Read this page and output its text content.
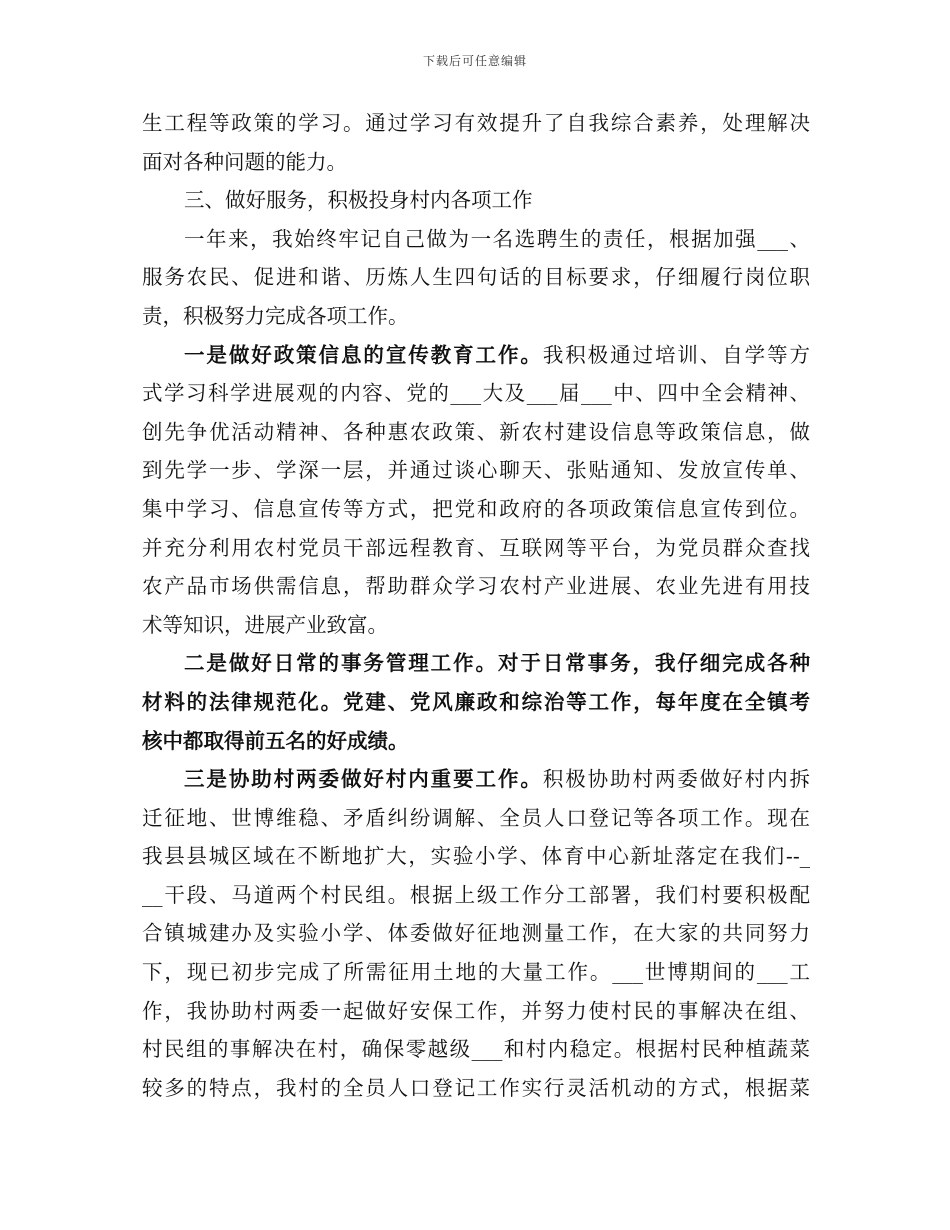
下载后可任意编辑
生工程等政策的学习。通过学习有效提升了自我综合素养，处理解决
面对各种问题的能力。
三、做好服务，积极投身村内各项工作
一年来，我始终牢记自己做为一名选聘生的责任，根据加强___、
服务农民、促进和谐、历炼人生四句话的目标要求，仔细履行岗位职
责，积极努力完成各项工作。
一是做好政策信息的宣传教育工作。我积极通过培训、自学等方
式学习科学进展观的内容、党的___大及___届___中、四中全会精神、
创先争优活动精神、各种惠农政策、新农村建设信息等政策信息，做
到先学一步、学深一层，并通过谈心聊天、张贴通知、发放宣传单、
集中学习、信息宣传等方式，把党和政府的各项政策信息宣传到位。
并充分利用农村党员干部远程教育、互联网等平台，为党员群众查找
农产品市场供需信息，帮助群众学习农村产业进展、农业先进有用技
术等知识，进展产业致富。
二是做好日常的事务管理工作。对于日常事务，我仔细完成各种
材料的法律规范化。党建、党风廉政和综治等工作，每年度在全镇考
核中都取得前五名的好成绩。
三是协助村两委做好村内重要工作。积极协助村两委做好村内拆
迁征地、世博维稳、矛盾纠纷调解、全员人口登记等各项工作。现在
我县县城区域在不断地扩大，实验小学、体育中心新址落定在我们--_
__干段、马道两个村民组。根据上级工作分工部署，我们村要积极配
合镇城建办及实验小学、体委做好征地测量工作，在大家的共同努力
下，现已初步完成了所需征用土地的大量工作。___世博期间的___工
作，我协助村两委一起做好安保工作，并努力使村民的事解决在组、
村民组的事解决在村，确保零越级___和村内稳定。根据村民种植蔬菜
较多的特点，我村的全员人口登记工作实行灵活机动的方式，根据菜
